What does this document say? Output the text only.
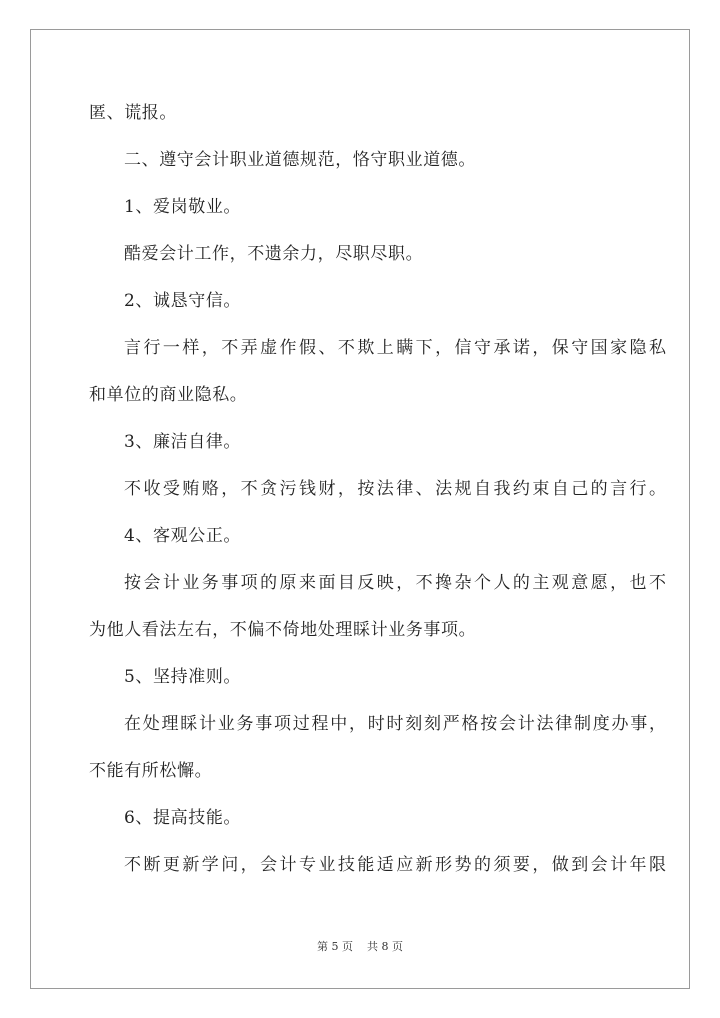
匿、谎报。
二、遵守会计职业道德规范，恪守职业道德。
1、爱岗敬业。
酷爱会计工作，不遗余力，尽职尽职。
2、诚恳守信。
言行一样，不弄虚作假、不欺上瞒下，信守承诺，保守国家隐私
和单位的商业隐私。
3、廉洁自律。
不收受贿赂，不贪污钱财，按法律、法规自我约束自己的言行。
4、客观公正。
按会计业务事项的原来面目反映，不搀杂个人的主观意愿，也不
为他人看法左右，不偏不倚地处理睬计业务事项。
5、坚持准则。
在处理睬计业务事项过程中，时时刻刻严格按会计法律制度办事，
不能有所松懈。
6、提高技能。
不断更新学问，会计专业技能适应新形势的须要，做到会计年限
第 5 页    共 8 页
